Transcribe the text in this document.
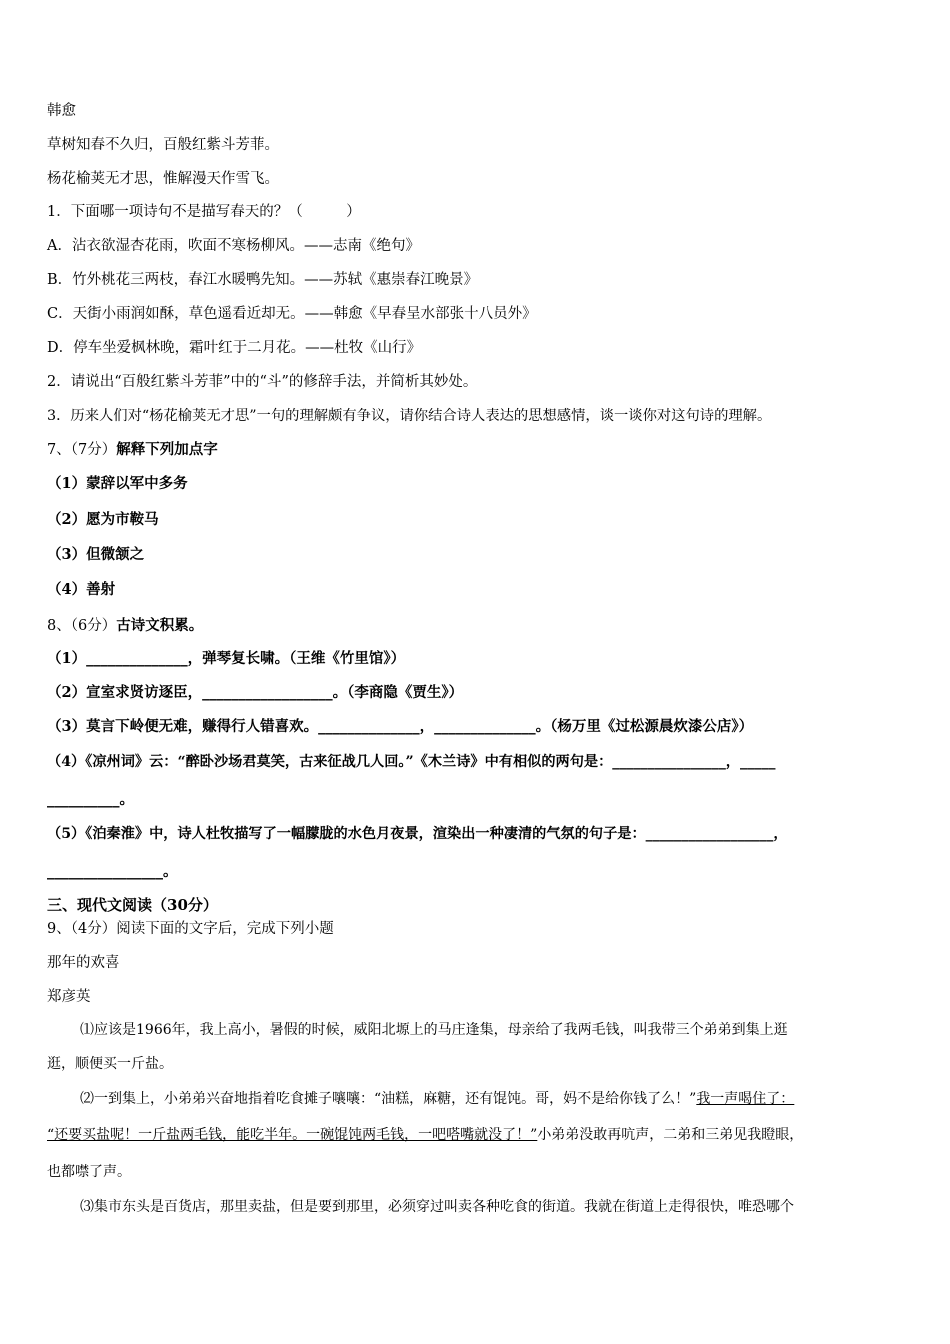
韩愈
草树知春不久归，百般红紫斗芳菲。
杨花榆荚无才思，惟解漫天作雪飞。
1．下面哪一项诗句不是描写春天的？（　　　）
A．沾衣欲湿杏花雨，吹面不寒杨柳风。——志南《绝句》
B．竹外桃花三两枝，春江水暖鸭先知。——苏轼《惠崇春江晚景》
C．天街小雨润如酥，草色遥看近却无。——韩愈《早春呈水部张十八员外》
D．停车坐爱枫林晚，霜叶红于二月花。——杜牧《山行》
2．请说出“百般红紫斗芳菲”中的“斗”的修辞手法，并简析其妙处。
3．历来人们对“杨花榆荚无才思”一句的理解颇有争议，请你结合诗人表达的思想感情，谈一谈你对这句诗的理解。
7、（7分）解释下列加点字
（1）蒙辞以军中多务
（2）愿为市鞍马
（3）但微颔之
（4）善射
8、（6分）古诗文积累。
（1）______________，弹琴复长啸。（王维《竹里馆》）
（2）宣室求贤访逐臣，__________________。（李商隐《贾生》）
（3）莫言下岭便无难，赚得行人错喜欢。______________，______________。（杨万里《过松源晨炊漆公店》）
（4）《凉州词》云：“醉卧沙场君莫笑，古来征战几人回。”《木兰诗》中有相似的两句是：________________，_____
__________。
（5）《泊秦淮》中，诗人杜牧描写了一幅朦胧的水色月夜景，渲染出一种凄清的气氛的句子是：__________________，
________________。
三、现代文阅读（30分）
9、（4分）阅读下面的文字后，完成下列小题
那年的欢喜
郑彦英
⑴应该是1966年，我上高小，暑假的时候，威阳北塬上的马庄逢集，母亲给了我两毛钱，叫我带三个弟弟到集上逛
逛，顺便买一斤盐。
⑵一到集上，小弟弟兴奋地指着吃食摊子嚷嚷：“油糕，麻糖，还有馄饨。哥，妈不是给你钱了么！”我一声喝住了：
“还要买盐呢！一斤盐两毛钱，能吃半年。一碗馄饨两毛钱，一吧嗒嘴就没了！”小弟弟没敢再吭声，二弟和三弟见我瞪眼，
也都噤了声。
⑶集市东头是百货店，那里卖盐，但是要到那里，必须穿过叫卖各种吃食的街道。我就在街道上走得很快，唯恐哪个
